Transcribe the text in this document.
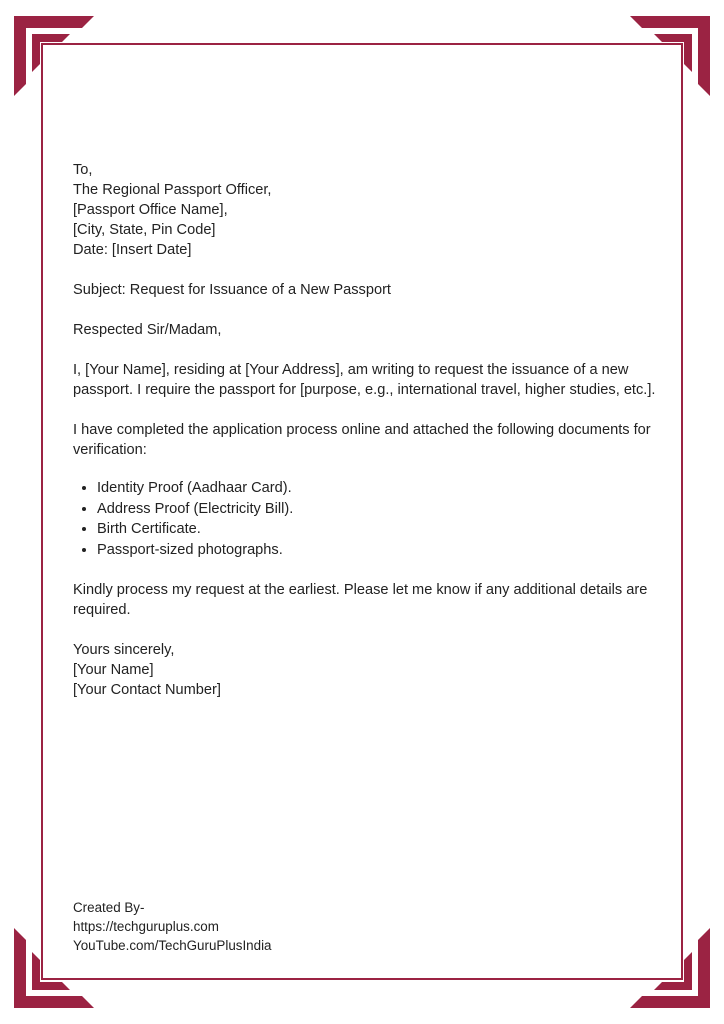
To,

The Regional Passport Officer,

[Passport Office Name],

[City, State, Pin Code]

Date: [Insert Date]

Subject: Request for Issuance of a New Passport

Respected Sir/Madam,

I, [Your Name], residing at [Your Address], am writing to request the issuance of a new passport. I require the passport for [purpose, e.g., international travel, higher studies, etc.].

I have completed the application process online and attached the following documents for verification:

• Identity Proof (Aadhaar Card).
• Address Proof (Electricity Bill).
• Birth Certificate.
• Passport-sized photographs.

Kindly process my request at the earliest. Please let me know if any additional details are required.

Yours sincerely,

[Your Name]

[Your Contact Number]

Created By-
https://techguruplus.com
YouTube.com/TechGuruPlusIndia
